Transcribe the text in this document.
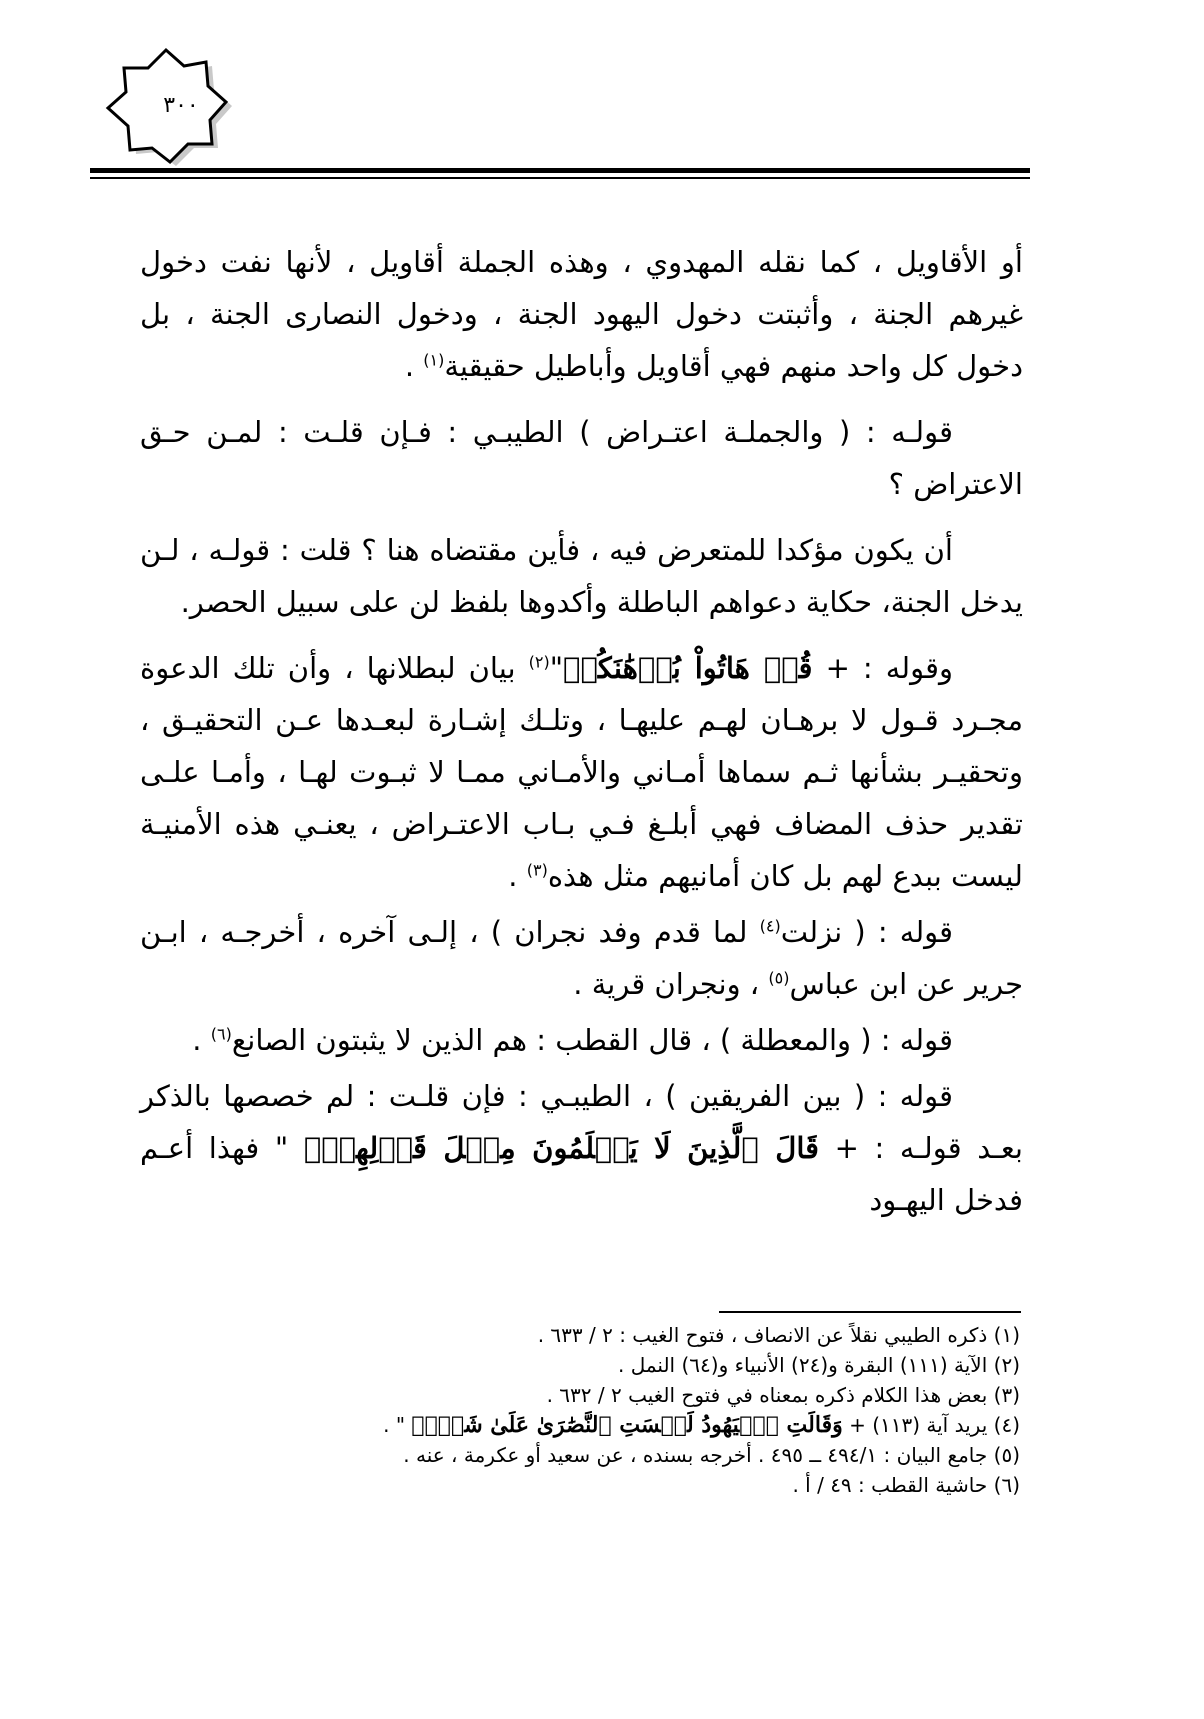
٣٠٠

أو الأقاويل ، كما نقله المهدوي ، وهذه الجملة أقاويل ، لأنها نفت دخول غيرهم الجنة ، وأثبتت دخول اليهود الجنة ، ودخول النصارى الجنة ، بل دخول كل واحد منهم فهي أقاويل وأباطيل حقيقية$^{(١)}$ .

قولـه : ( والجملـة اعتـراض ) الطيبـي : فـإن قلـت : لمـن حـق الاعتراض ؟

أن يكون مؤكدا للمتعرض فيه ، فأين مقتضاه هنا ؟ قلت : قولـه ، لـن يدخل الجنة، حكاية دعواهم الباطلة وأكدوها بلفظ لن على سبيل الحصر.

وقوله : + قُلۡ هَاتُواْ بُرۡهَٰنَكُمۡ"$^{(٢)}$ بيان لبطلانها ، وأن تلك الدعوة مجـرد قـول لا برهـان لهـم عليهـا ، وتلـك إشـارة لبعـدها عـن التحقيـق ، وتحقيـر بشأنها ثـم سماها أمـاني والأمـاني ممـا لا ثبـوت لهـا ، وأمـا علـى تقدير حذف المضاف فهي أبلـغ فـي بـاب الاعتـراض ، يعنـي هذه الأمنيـة ليست ببدع لهم بل كان أمانيهم مثل هذه$^{(٣)}$ .

قوله : ( نزلت$^{(٤)}$ لما قدم وفد نجران ) ، إلـى آخره ، أخرجـه ، ابـن جرير عن ابن عباس$^{(٥)}$ ، ونجران قرية .

قوله : ( والمعطلة ) ، قال القطب : هم الذين لا يثبتون الصانع$^{(٦)}$ .

قوله : ( بين الفريقين ) ، الطيبـي : فإن قلـت : لم خصصها بالذكر بعـد قولـه : + قَالَ ٱلَّذِينَ لَا يَعۡلَمُونَ مِثۡلَ قَوۡلِهِمۡۚ " فهذا أعـم فدخل اليهـود

(١) ذكره الطيبي نقلاً عن الانصاف ، فتوح الغيب : ٢ / ٦٣٣ .
(٢) الآية (١١١) البقرة و(٢٤) الأنبياء و(٦٤) النمل .
(٣) بعض هذا الكلام ذكره بمعناه في فتوح الغيب ٢ / ٦٣٢ .
(٤) يريد آية (١١٣) + وَقَالَتِ ٱلۡيَهُودُ لَيۡسَتِ ٱلنَّصَٰرَىٰ عَلَىٰ شَيۡءٖ " .
(٥) جامع البيان : ٤٩٤/١ ــ ٤٩٥ . أخرجه بسنده ، عن سعيد أو عكرمة ، عنه .
(٦) حاشية القطب : ٤٩ / أ .
